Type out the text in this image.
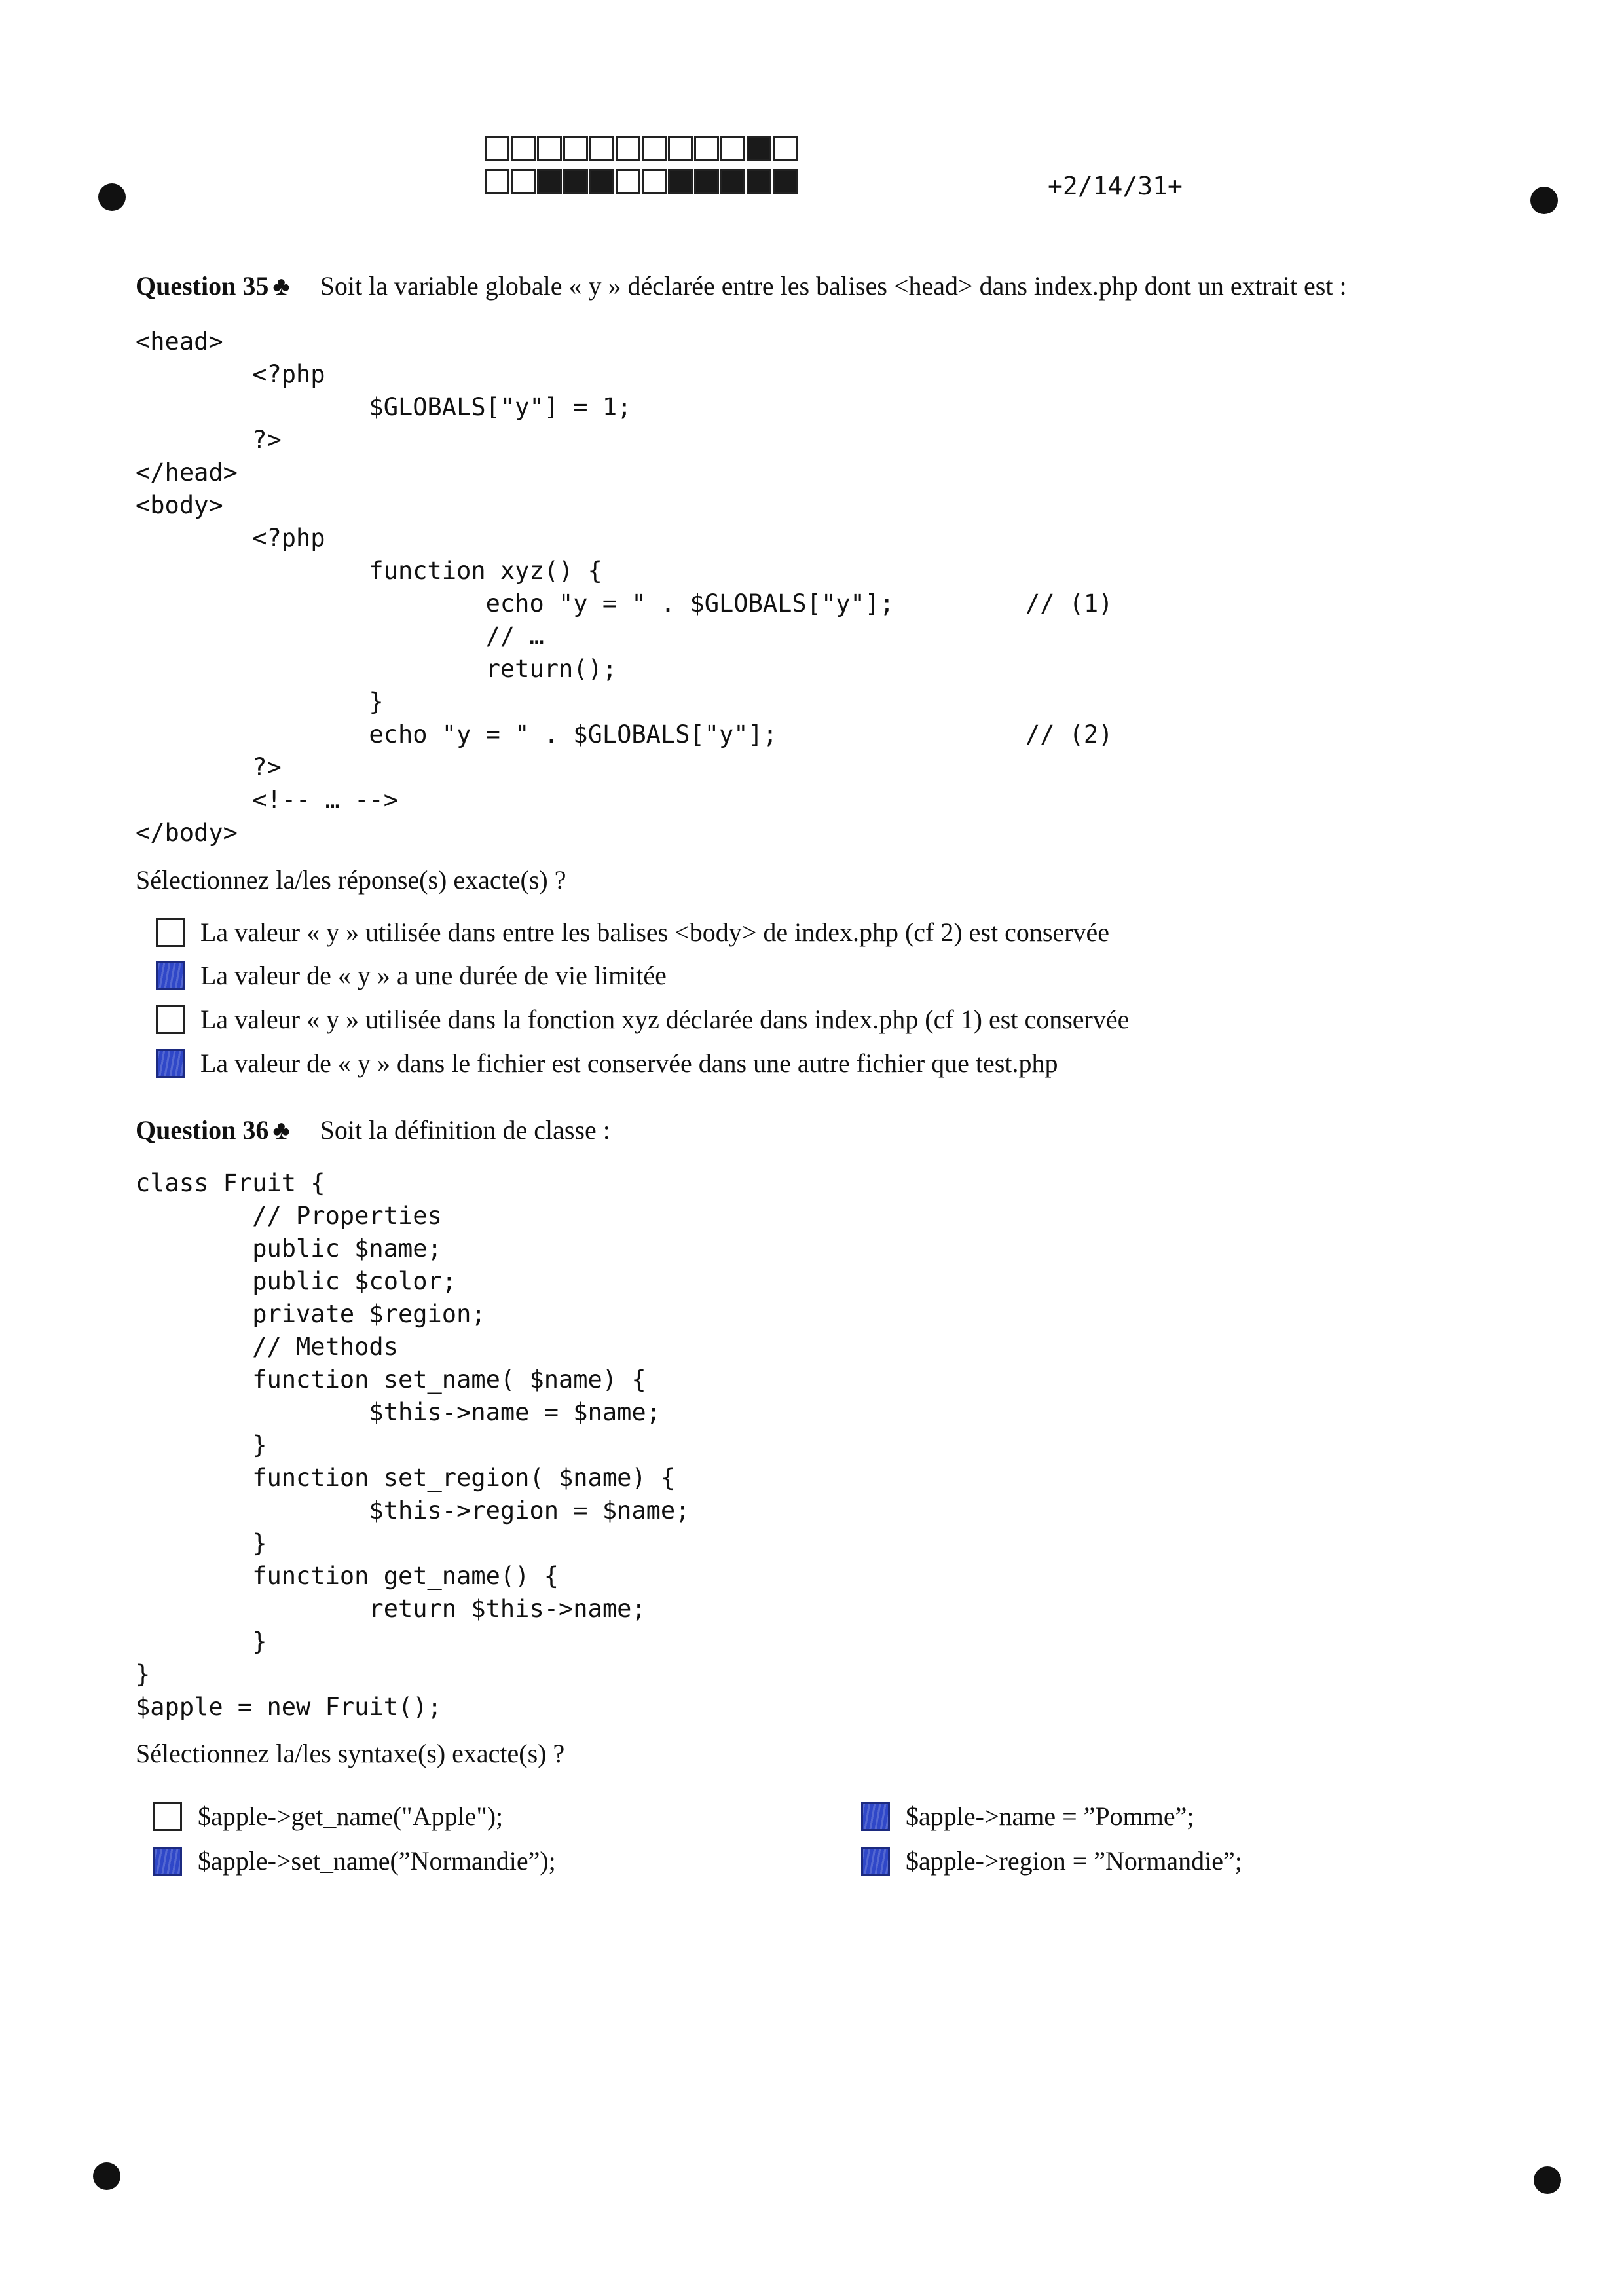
+2/14/31+
Question 35 ♣ Soit la variable globale « y » déclarée entre les balises <head> dans index.php dont un extrait est :
<head>
<?php
$GLOBALS["y"] = 1;
?>
</head>
<body>
<?php
function xyz() {
echo "y = " . $GLOBALS["y"];         // (1)
// …
return();
}
echo "y = " . $GLOBALS["y"];                 // (2)
?>
<!-- … -->
</body>
Sélectionnez la/les réponse(s) exacte(s) ?
La valeur « y » utilisée dans entre les balises <body> de index.php (cf 2) est conservée
La valeur de « y » a une durée de vie limitée
La valeur « y » utilisée dans la fonction xyz déclarée dans index.php (cf 1) est conservée
La valeur de « y » dans le fichier est conservée dans une autre fichier que test.php
Question 36 ♣ Soit la définition de classe :
class Fruit {
// Properties
public $name;
public $color;
private $region;
// Methods
function set_name( $name) {
$this->name = $name;
}
function set_region( $name) {
$this->region = $name;
}
function get_name() {
return $this->name;
}
}
$apple = new Fruit();
Sélectionnez la/les syntaxe(s) exacte(s) ?
$apple->get_name("Apple");	$apple->name = ”Pomme”;
$apple->set_name(”Normandie”);	$apple->region = ”Normandie”;
